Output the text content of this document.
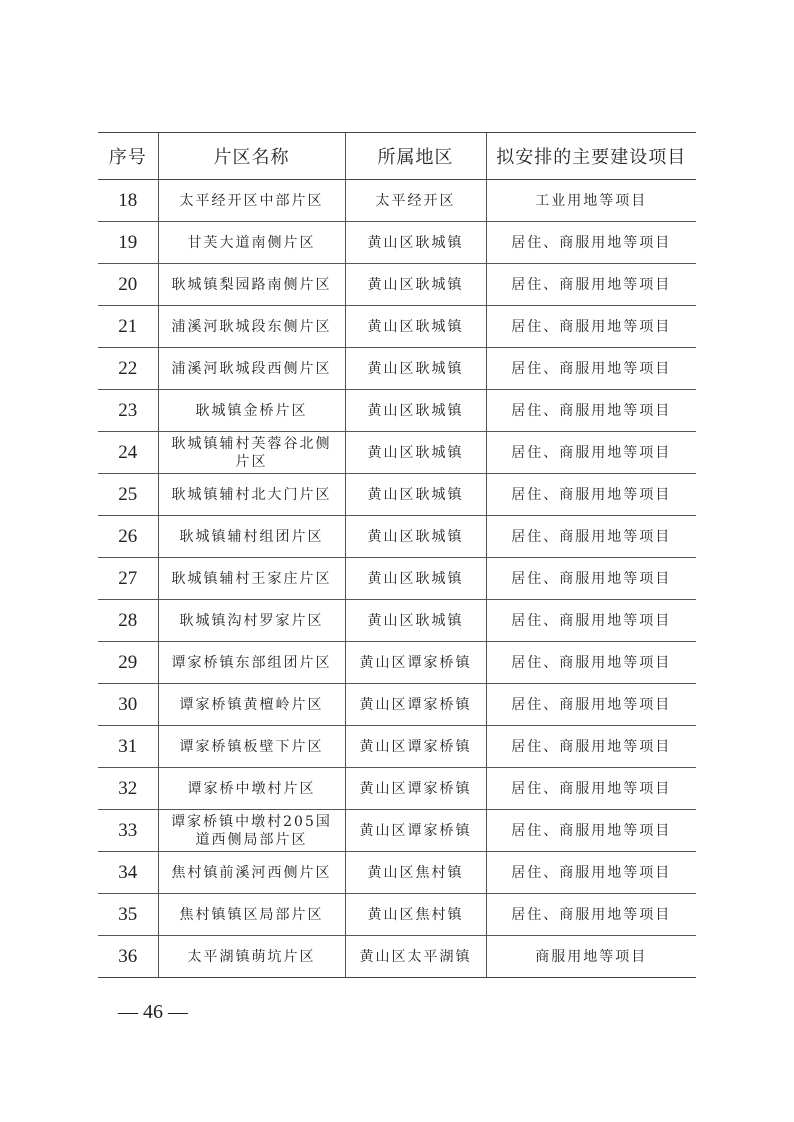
序号	片区名称	所属地区	拟安排的主要建设项目
18	太平经开区中部片区	太平经开区	工业用地等项目
19	甘芙大道南侧片区	黄山区耿城镇	居住、商服用地等项目
20	耿城镇梨园路南侧片区	黄山区耿城镇	居住、商服用地等项目
21	浦溪河耿城段东侧片区	黄山区耿城镇	居住、商服用地等项目
22	浦溪河耿城段西侧片区	黄山区耿城镇	居住、商服用地等项目
23	耿城镇金桥片区	黄山区耿城镇	居住、商服用地等项目
24	耿城镇辅村芙蓉谷北侧片区	黄山区耿城镇	居住、商服用地等项目
25	耿城镇辅村北大门片区	黄山区耿城镇	居住、商服用地等项目
26	耿城镇辅村组团片区	黄山区耿城镇	居住、商服用地等项目
27	耿城镇辅村王家庄片区	黄山区耿城镇	居住、商服用地等项目
28	耿城镇沟村罗家片区	黄山区耿城镇	居住、商服用地等项目
29	谭家桥镇东部组团片区	黄山区谭家桥镇	居住、商服用地等项目
30	谭家桥镇黄檀岭片区	黄山区谭家桥镇	居住、商服用地等项目
31	谭家桥镇板壁下片区	黄山区谭家桥镇	居住、商服用地等项目
32	谭家桥中墩村片区	黄山区谭家桥镇	居住、商服用地等项目
33	谭家桥镇中墩村205国道西侧局部片区	黄山区谭家桥镇	居住、商服用地等项目
34	焦村镇前溪河西侧片区	黄山区焦村镇	居住、商服用地等项目
35	焦村镇镇区局部片区	黄山区焦村镇	居住、商服用地等项目
36	太平湖镇萌坑片区	黄山区太平湖镇	商服用地等项目
— 46 —
